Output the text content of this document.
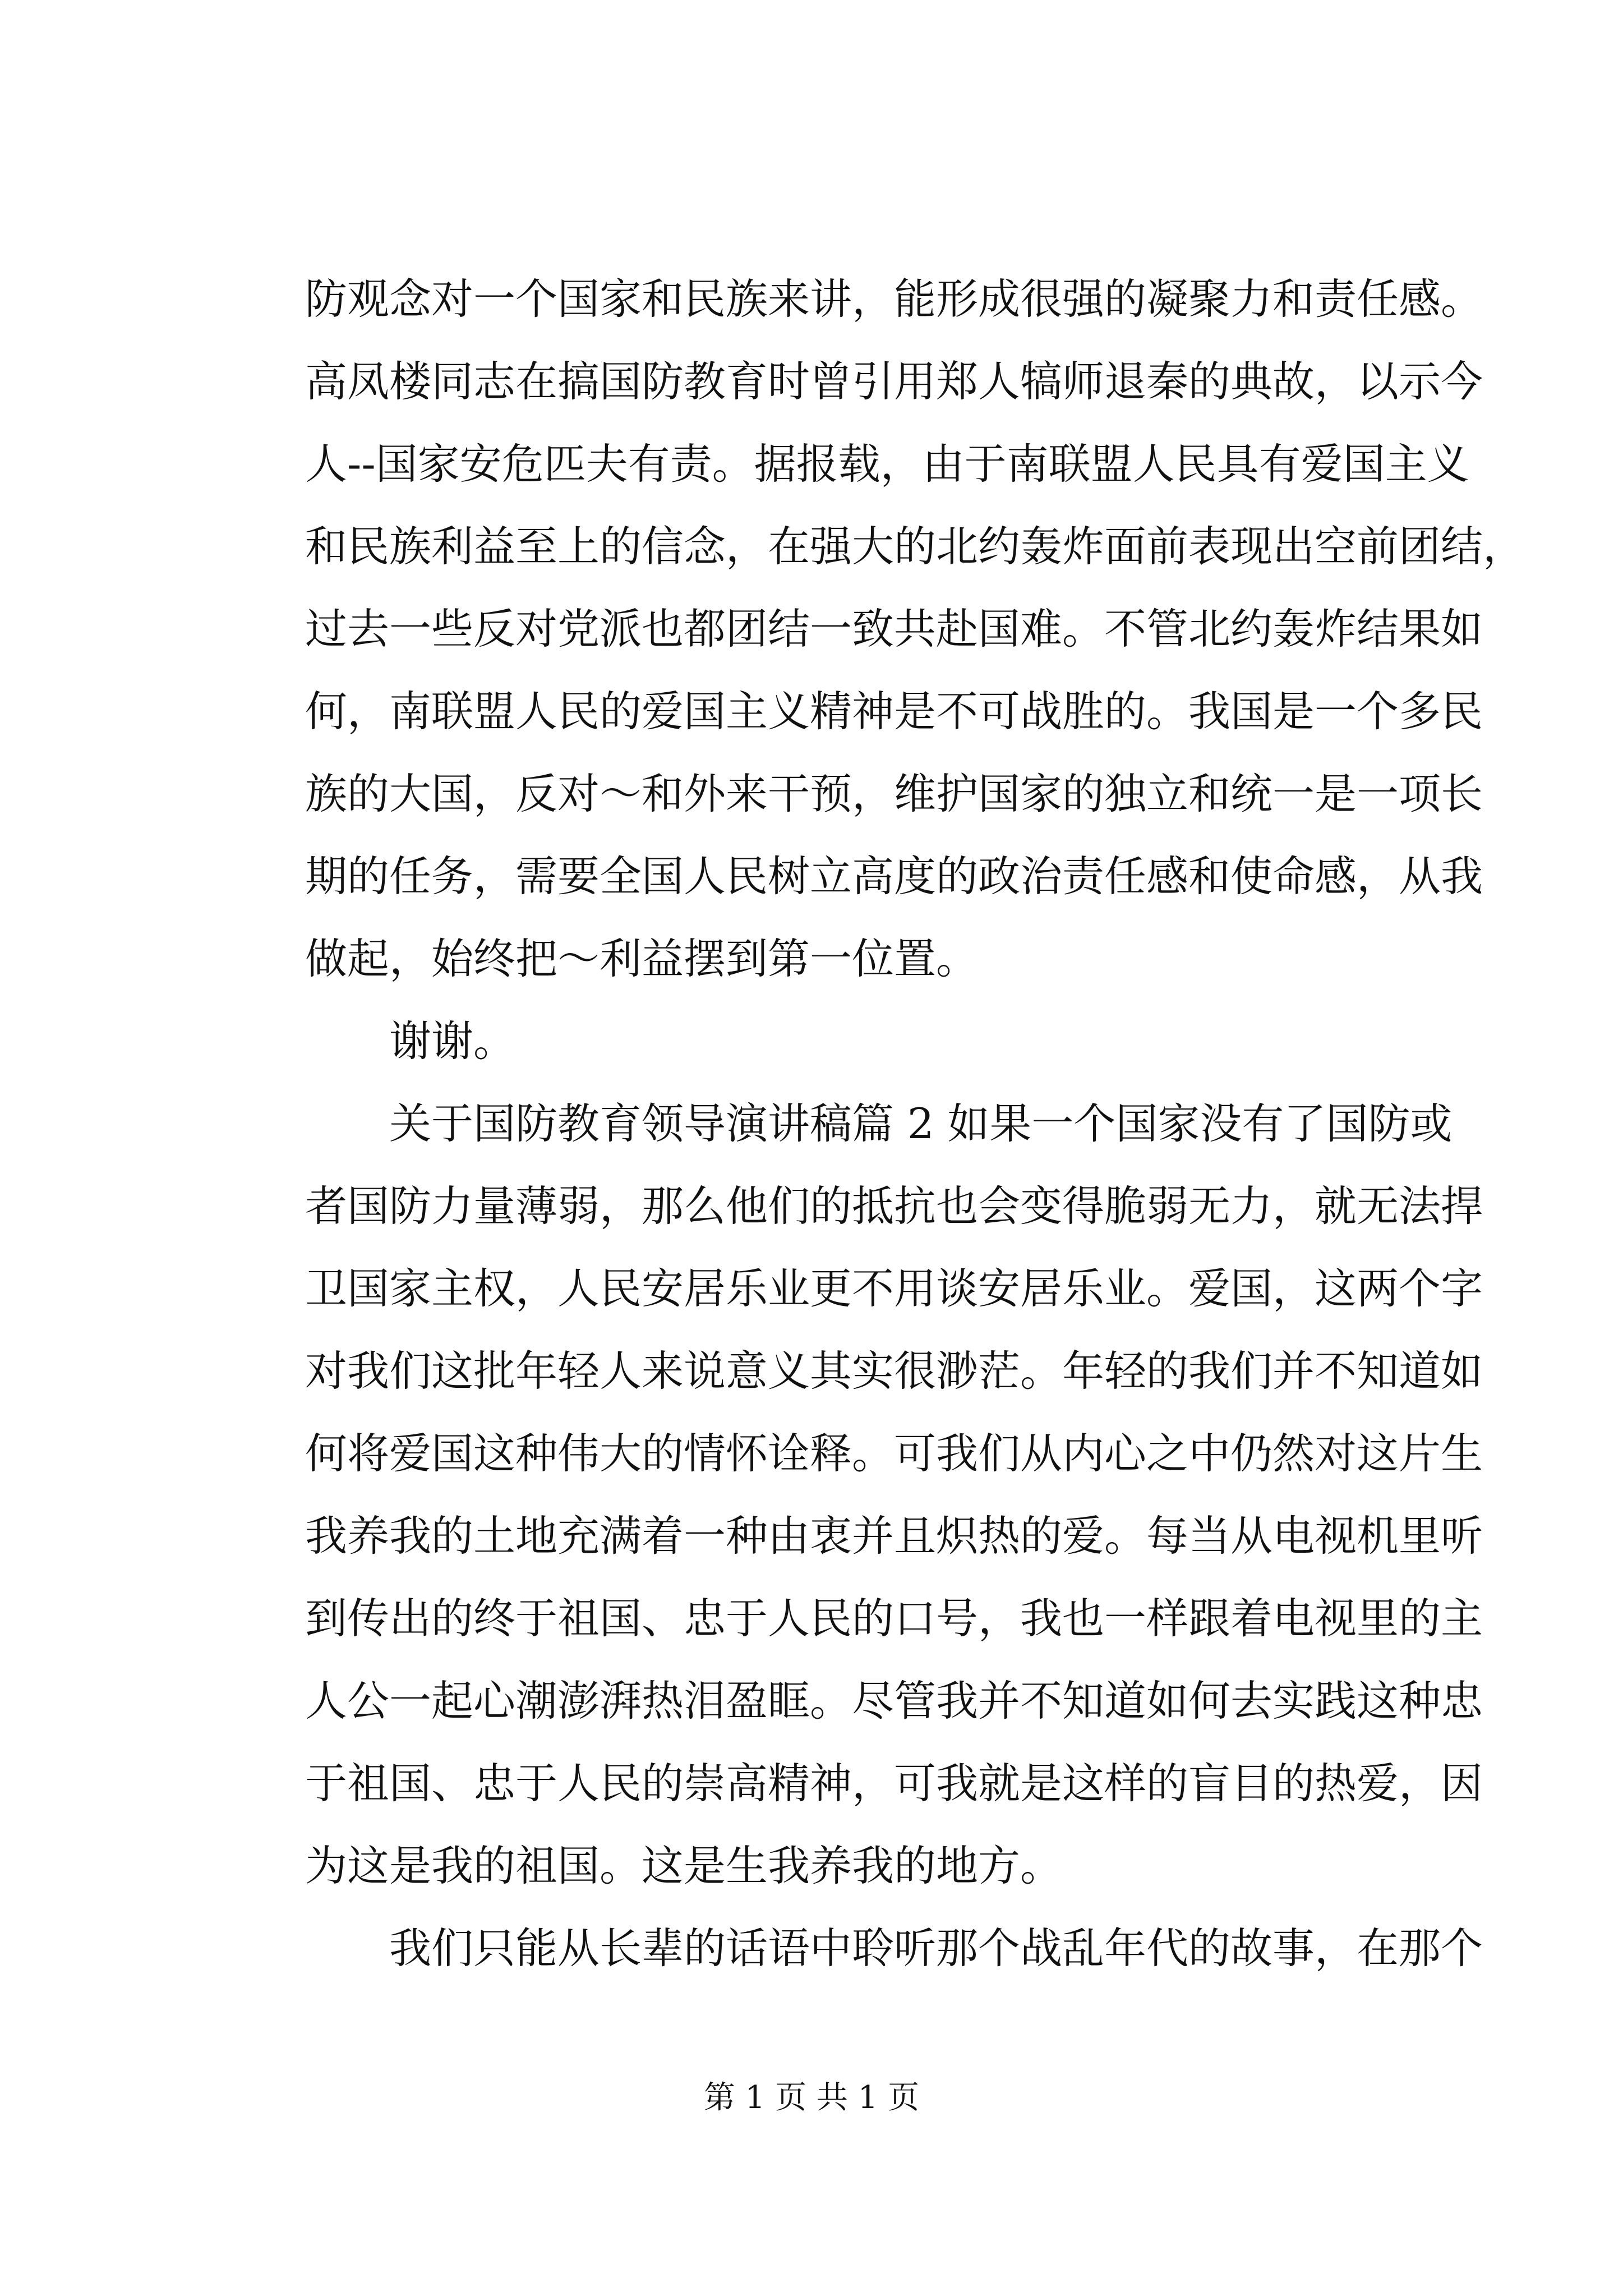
防观念对一个国家和民族来讲，能形成很强的凝聚力和责任感。
高凤楼同志在搞国防教育时曾引用郑人犒师退秦的典故，以示今
人--国家安危匹夫有责。据报载，由于南联盟人民具有爱国主义
和民族利益至上的信念，在强大的北约轰炸面前表现出空前团结，
过去一些反对党派也都团结一致共赴国难。不管北约轰炸结果如
何，南联盟人民的爱国主义精神是不可战胜的。我国是一个多民
族的大国，反对～和外来干预，维护国家的独立和统一是一项长
期的任务，需要全国人民树立高度的政治责任感和使命感，从我
做起，始终把～利益摆到第一位置。
谢谢。
关于国防教育领导演讲稿篇 2 如果一个国家没有了国防或
者国防力量薄弱，那么他们的抵抗也会变得脆弱无力，就无法捍
卫国家主权，人民安居乐业更不用谈安居乐业。爱国，这两个字
对我们这批年轻人来说意义其实很渺茫。年轻的我们并不知道如
何将爱国这种伟大的情怀诠释。可我们从内心之中仍然对这片生
我养我的土地充满着一种由衷并且炽热的爱。每当从电视机里听
到传出的终于祖国、忠于人民的口号，我也一样跟着电视里的主
人公一起心潮澎湃热泪盈眶。尽管我并不知道如何去实践这种忠
于祖国、忠于人民的崇高精神，可我就是这样的盲目的热爱，因
为这是我的祖国。这是生我养我的地方。
我们只能从长辈的话语中聆听那个战乱年代的故事，在那个
第 1 页 共 1 页
